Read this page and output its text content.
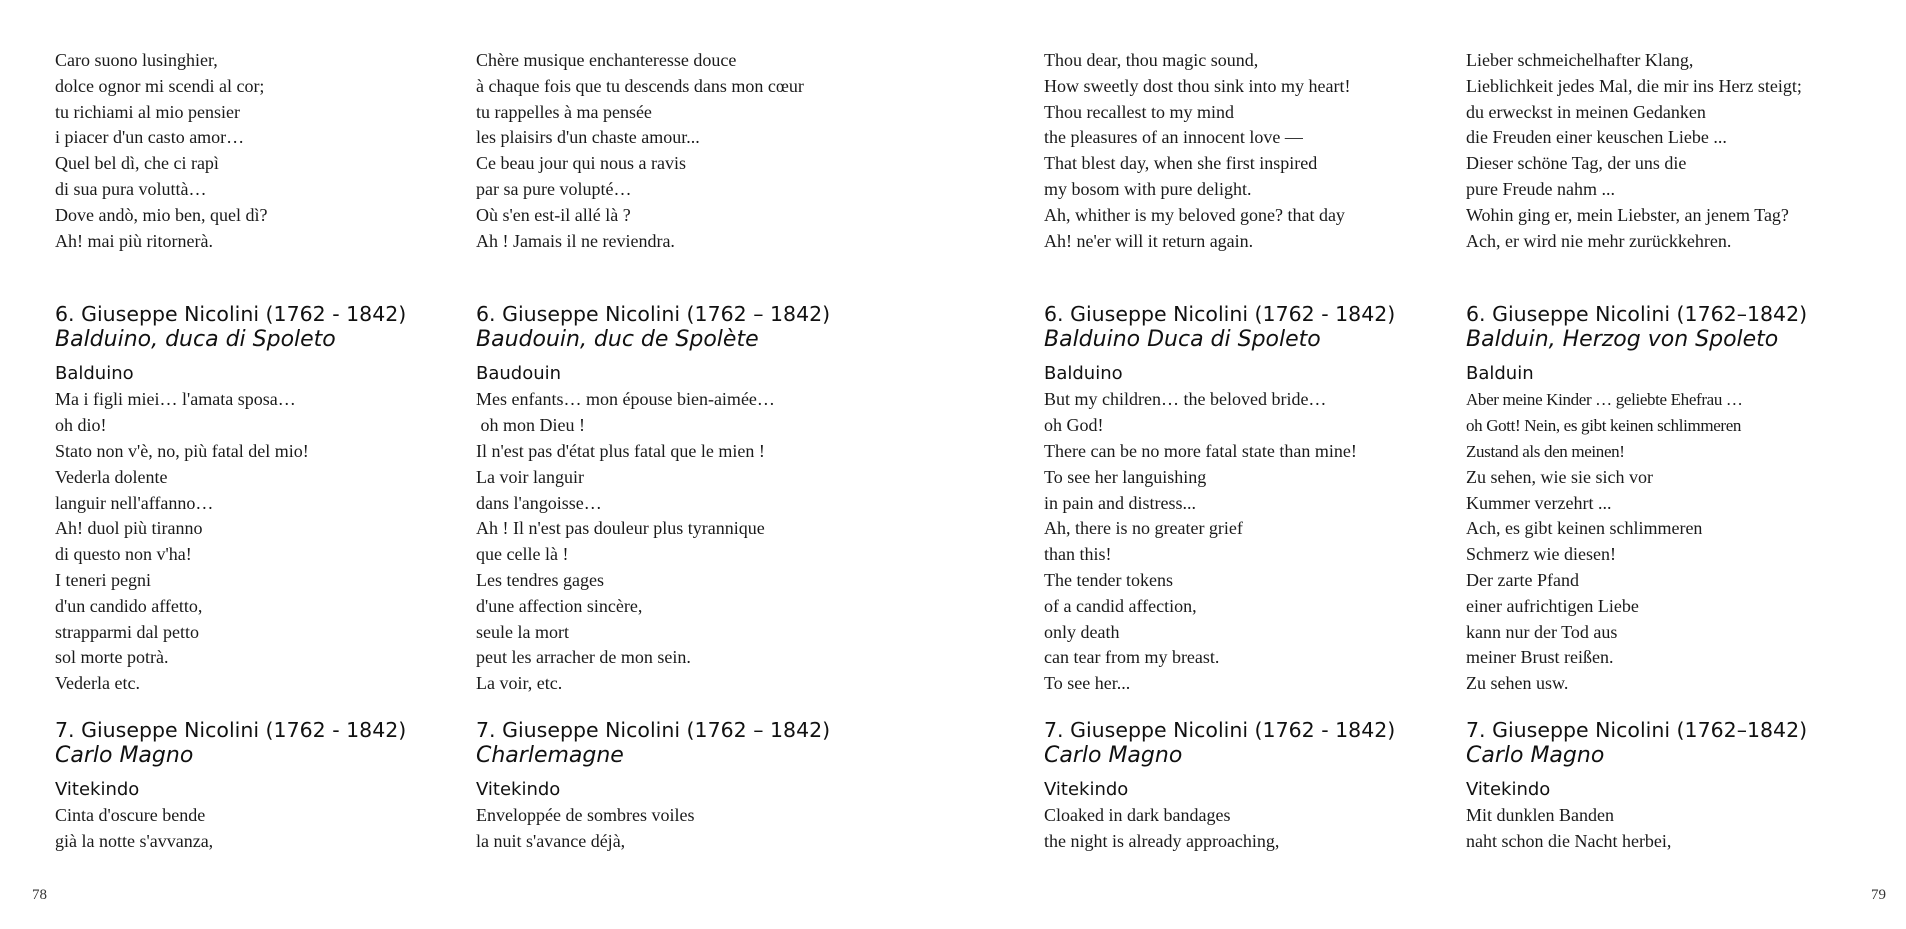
Caro suono lusinghier,
dolce ognor mi scendi al cor;
tu richiami al mio pensier
i piacer d'un casto amor…
Quel bel dì, che ci rapì
di sua pura voluttà…
Dove andò, mio ben, quel dì?
Ah! mai più ritornerà.
6. Giuseppe Nicolini (1762 - 1842)
Balduino, duca di Spoleto
Balduino
Ma i figli miei… l'amata sposa…
oh dio!
Stato non v'è, no, più fatal del mio!
Vederla dolente
languir nell'affanno…
Ah! duol più tiranno
di questo non v'ha!
I teneri pegni
d'un candido affetto,
strapparmi dal petto
sol morte potrà.
Vederla etc.
7. Giuseppe Nicolini (1762 - 1842)
Carlo Magno
Vitekindo
Cinta d'oscure bende
già la notte s'avvanza,
Chère musique enchanteresse douce
à chaque fois que tu descends dans mon cœur
tu rappelles à ma pensée
les plaisirs d'un chaste amour...
Ce beau jour qui nous a ravis
par sa pure volupté…
Où s'en est-il allé là ?
Ah ! Jamais il ne reviendra.
6. Giuseppe Nicolini (1762 – 1842)
Baudouin, duc de Spolète
Baudouin
Mes enfants… mon épouse bien-aimée…
oh mon Dieu !
Il n'est pas d'état plus fatal que le mien !
La voir languir
dans l'angoisse…
Ah ! Il n'est pas douleur plus tyrannique
que celle là !
Les tendres gages
d'une affection sincère,
seule la mort
peut les arracher de mon sein.
La voir, etc.
7. Giuseppe Nicolini (1762 – 1842)
Charlemagne
Vitekindo
Enveloppée de sombres voiles
la nuit s'avance déjà,
Thou dear, thou magic sound,
How sweetly dost thou sink into my heart!
Thou recallest to my mind
the pleasures of an innocent love —
That blest day, when she first inspired
my bosom with pure delight.
Ah, whither is my beloved gone? that day
Ah! ne'er will it return again.
6. Giuseppe Nicolini (1762 - 1842)
Balduino Duca di Spoleto
Balduino
But my children… the beloved bride…
oh God!
There can be no more fatal state than mine!
To see her languishing
in pain and distress...
Ah, there is no greater grief
than this!
The tender tokens
of a candid affection,
only death
can tear from my breast.
To see her...
7. Giuseppe Nicolini (1762 - 1842)
Carlo Magno
Vitekindo
Cloaked in dark bandages
the night is already approaching,
Lieber schmeichelhafter Klang,
Lieblichkeit jedes Mal, die mir ins Herz steigt;
du erweckst in meinen Gedanken
die Freuden einer keuschen Liebe ...
Dieser schöne Tag, der uns die
pure Freude nahm ...
Wohin ging er, mein Liebster, an jenem Tag?
Ach, er wird nie mehr zurückkehren.
6. Giuseppe Nicolini (1762–1842)
Balduin, Herzog von Spoleto
Balduin
Aber meine Kinder … geliebte Ehefrau …
oh Gott! Nein, es gibt keinen schlimmeren
Zustand als den meinen!
Zu sehen, wie sie sich vor
Kummer verzehrt ...
Ach, es gibt keinen schlimmeren
Schmerz wie diesen!
Der zarte Pfand
einer aufrichtigen Liebe
kann nur der Tod aus
meiner Brust reißen.
Zu sehen usw.
7. Giuseppe Nicolini (1762–1842)
Carlo Magno
Vitekindo
Mit dunklen Banden
naht schon die Nacht herbei,
78	79
